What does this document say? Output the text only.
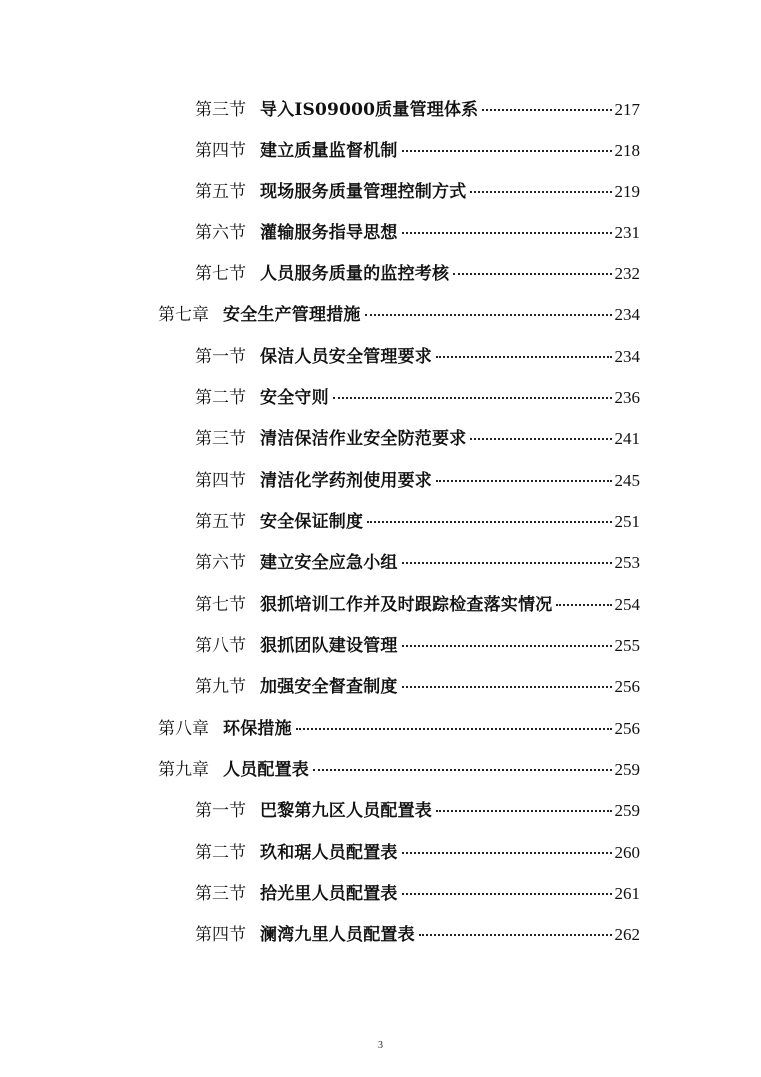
第三节 导入IS09000质量管理体系	217
第四节 建立质量监督机制	218
第五节 现场服务质量管理控制方式	219
第六节 灌输服务指导思想	231
第七节 人员服务质量的监控考核	232
第七章 安全生产管理措施	234
第一节 保洁人员安全管理要求	234
第二节 安全守则	236
第三节 清洁保洁作业安全防范要求	241
第四节 清洁化学药剂使用要求	245
第五节 安全保证制度	251
第六节 建立安全应急小组	253
第七节 狠抓培训工作并及时跟踪检查落实情况	254
第八节 狠抓团队建设管理	255
第九节 加强安全督查制度	256
第八章 环保措施	256
第九章 人员配置表	259
第一节 巴黎第九区人员配置表	259
第二节 玖和琚人员配置表	260
第三节 拾光里人员配置表	261
第四节 澜湾九里人员配置表	262
3
